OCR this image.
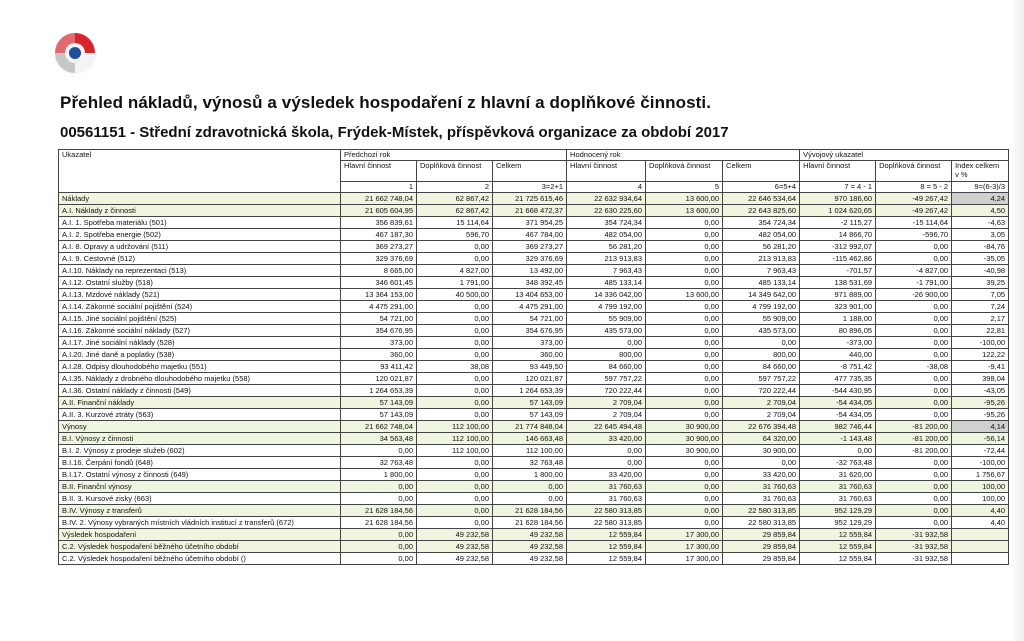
Přehled nákladů, výnosů a výsledek hospodaření z hlavní a doplňkové činnosti.
00561151 - Střední zdravotnická škola, Frýdek-Místek, příspěvková organizace za období 2017
Ukazatel	Předchozí rok			Hodnocený rok			Vývojový ukazatel		
	Hlavní činnost	Doplňková činnost	Celkem	Hlavní činnost	Doplňková činnost	Celkem	Hlavní činnost	Doplňková činnost	Index celkem v %
	1	2	3=2+1	4	5	6=5+4	7 = 4 - 1	8 = 5 - 2	9=(6-3)/3
Náklady	21 662 748,04	62 867,42	21 725 615,46	22 632 934,64	13 600,00	22 646 534,64	970 186,60	-49 267,42	4,24
A.I. Náklady z činnosti	21 605 604,95	62 867,42	21 668 472,37	22 630 225,60	13 600,00	22 643 825,60	1 024 620,65	-49 267,42	4,50
A.I. 1. Spotřeba materiálu (501)	356 839,61	15 114,64	371 954,25	354 724,34	0,00	354 724,34	-2 115,27	-15 114,64	-4,63
A.I. 2. Spotřeba energie (502)	467 187,30	596,70	467 784,00	482 054,00	0,00	482 054,00	14 866,70	-596,70	3,05
A.I. 8. Opravy a udržování (511)	369 273,27	0,00	369 273,27	56 281,20	0,00	56 281,20	-312 992,07	0,00	-84,76
A.I. 9. Cestovné (512)	329 376,69	0,00	329 376,69	213 913,83	0,00	213 913,83	-115 462,86	0,00	-35,05
A.I.10. Náklady na reprezentaci (513)	8 665,00	4 827,00	13 492,00	7 963,43	0,00	7 963,43	-701,57	-4 827,00	-40,98
A.I.12. Ostatní služby (518)	346 601,45	1 791,00	348 392,45	485 133,14	0,00	485 133,14	138 531,69	-1 791,00	39,25
A.I.13. Mzdové náklady (521)	13 364 153,00	40 500,00	13 404 653,00	14 336 042,00	13 600,00	14 349 642,00	971 889,00	-26 900,00	7,05
A.I.14. Zákonné sociální pojištění (524)	4 475 291,00	0,00	4 475 291,00	4 799 192,00	0,00	4 799 192,00	323 901,00	0,00	7,24
A.I.15. Jiné sociální pojištění (525)	54 721,00	0,00	54 721,00	55 909,00	0,00	55 909,00	1 188,00	0,00	2,17
A.I.16. Zákonné sociální náklady (527)	354 676,95	0,00	354 676,95	435 573,00	0,00	435 573,00	80 896,05	0,00	22,81
A.I.17. Jiné sociální náklady (528)	373,00	0,00	373,00	0,00	0,00	0,00	-373,00	0,00	-100,00
A.I.20. Jiné daně a poplatky (538)	360,00	0,00	360,00	800,00	0,00	800,00	440,00	0,00	122,22
A.I.28. Odpisy dlouhodobého majetku (551)	93 411,42	38,08	93 449,50	84 660,00	0,00	84 660,00	-8 751,42	-38,08	-9,41
A.I.35. Náklady z drobného dlouhodobého majetku (558)	120 021,87	0,00	120 021,87	597 757,22	0,00	597 757,22	477 735,35	0,00	398,04
A.I.36. Ostatní náklady z činnosti (549)	1 264 653,39	0,00	1 264 653,39	720 222,44	0,00	720 222,44	-544 430,95	0,00	-43,05
A.II. Finanční náklady	57 143,09	0,00	57 143,09	2 709,04	0,00	2 709,04	-54 434,05	0,00	-95,26
A.II. 3. Kurzové ztráty (563)	57 143,09	0,00	57 143,09	2 709,04	0,00	2 709,04	-54 434,05	0,00	-95,26
Výnosy	21 662 748,04	112 100,00	21 774 848,04	22 645 494,48	30 900,00	22 676 394,48	982 746,44	-81 200,00	4,14
B.I. Výnosy z činnosti	34 563,48	112 100,00	146 663,48	33 420,00	30 900,00	64 320,00	-1 143,48	-81 200,00	-56,14
B.I. 2. Výnosy z prodeje služeb (602)	0,00	112 100,00	112 100,00	0,00	30 900,00	30 900,00	0,00	-81 200,00	-72,44
B.I.16. Čerpání fondů (648)	32 763,48	0,00	32 763,48	0,00	0,00	0,00	-32 763,48	0,00	-100,00
B.I.17. Ostatní výnosy z činnosti (649)	1 800,00	0,00	1 800,00	33 420,00	0,00	33 420,00	31 620,00	0,00	1 756,67
B.II. Finanční výnosy	0,00	0,00	0,00	31 760,63	0,00	31 760,63	31 760,63	0,00	100,00
B.II. 3. Kursové zisky (663)	0,00	0,00	0,00	31 760,63	0,00	31 760,63	31 760,63	0,00	100,00
B.IV. Výnosy z transferů	21 628 184,56	0,00	21 628 184,56	22 580 313,85	0,00	22 580 313,85	952 129,29	0,00	4,40
B.IV. 2. Výnosy vybraných místních vládních institucí z transferů (672)	21 628 184,56	0,00	21 628 184,56	22 580 313,85	0,00	22 580 313,85	952 129,29	0,00	4,40
Výsledek hospodaření	0,00	49 232,58	49 232,58	12 559,84	17 300,00	29 859,84	12 559,84	-31 932,58	
C.2. Výsledek hospodaření běžného účetního období	0,00	49 232,58	49 232,58	12 559,84	17 300,00	29 859,84	12 559,84	-31 932,58	
C.2. Výsledek hospodaření běžného účetního období ()	0,00	49 232,58	49 232,58	12 559,84	17 300,00	29 859,84	12 559,84	-31 932,58	
